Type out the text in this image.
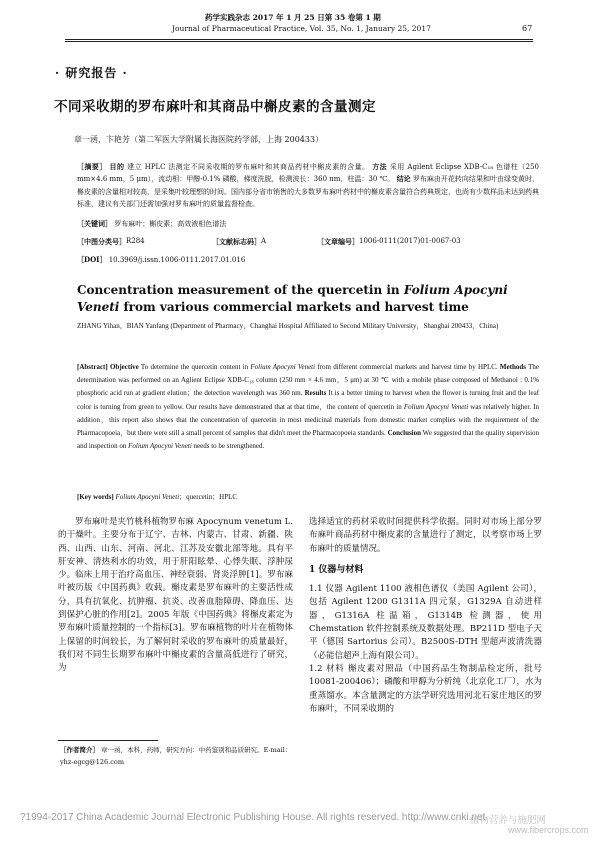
药学实践杂志 2017 年 1 月 25 日第 35 卷第 1 期
Journal of Pharmaceutical Practice, Vol. 35, No. 1, January 25, 2017	67
· 研究报告 ·
不同采收期的罗布麻叶和其商品中槲皮素的含量测定
章一函，卞艳芳（第二军医大学附属长海医院药学部，上海 200433）
［摘要］ 目的 建立 HPLC 法测定不同采收期的罗布麻叶和其商品药材中槲皮素的含量。 方法 采用 Agilent Eclipse XDB-C₁₈ 色谱柱（250 mm×4.6 mm，5 μm），流动相：甲醇-0.1% 磷酸，梯度洗脱，检测波长：360 nm，柱温：30 ℃。 结论 罗布麻由开花转向结果和叶由绿变黄时，槲皮素的含量相对较高，是采集叶较理想的时间。国内部分省市销售的大多数罗布麻叶药材中的槲皮素含量符合药典规定，也尚有少数样品未达到药典标准，建议有关部门还需加强对罗布麻叶的质量监督检查。
［关键词］ 罗布麻叶；槲皮素；高效液相色谱法
［中图分类号］ R284	［文献标志码］ A	［文章编号］ 1006-0111(2017)01-0067-03
［DOI］ 10.3969/j.issn.1006-0111.2017.01.016
Concentration measurement of the quercetin in Folium Apocyni Veneti from various commercial markets and harvest time
ZHANG Yihan，BIAN Yanfang (Department of Pharmacy，Changhai Hospital Affiliated to Second Military University，Shanghai 200433，China)
[Abstract] Objective To determine the quercetin content in Folium Apocyni Veneti from different commercial markets and harvest time by HPLC. Methods The determination was performed on an Aglient Eclipse XDB-C₁₈ column (250 mm × 4.6 mm，5 μm) at 30 ℃ with a mobile phase composed of Methanol : 0.1% phosphoric acid run at gradient elution；the detection wavelength was 360 nm. Results It is a better timing to harvest when the flower is turning fruit and the leaf color is turning from green to yellow. Our results have demonstrated that at that time，the content of quercetin in Folium Apocyni Veneti was relatively higher. In addition，this report also shows that the concentration of quercetin in most medicinal materials from domestic market complies with the requirement of the Pharmacopoeia，but there were still a small percent of samples that didn't meet the Pharmacopoeia standards. Conclusion We suggested that the quality supervision and inspection on Folium Apocyni Veneti needs to be strengthened.
[Key words] Folium Apocyni Veneti；quercetin；HPLC

罗布麻叶是夹竹桃科植物罗布麻 Apocynum venetum L. 的干燥叶。主要分布于辽宁、吉林、内蒙古、甘肃、新疆、陕西、山西、山东、河南、河北、江苏及安徽北部等地。具有平肝安神、清热利水的功效，用于肝阳眩晕、心悸失眠、浮肿尿少。临床上用于治疗高血压、神经衰弱、肾炎浮肿[1]。罗布麻叶被历版《中国药典》收载。槲皮素是罗布麻叶的主要活性成分，具有抗氧化、抗肿瘤、抗炎、改善血脂障碍、降血压、达到保护心脏的作用[2]。2005 年版《中国药典》将槲皮素定为罗布麻叶质量控制的一个指标[3]。罗布麻植物的叶片在植物体上保留的时间较长，为了解何时采收的罗布麻叶的质量最好，我们对不同生长期罗布麻叶中槲皮素的含量高低进行了研究，为

选择适宜的药材采收时间提供科学依据。同时对市场上部分罗布麻叶商品药材中槲皮素的含量进行了测定，以考察市场上罗布麻叶的质量情况。

1 仪器与材料

1.1 仪器 Agilent 1100 液相色谱仪（美国 Agilent 公司），包括 Agilent 1200 G1311A 四元泵，G1329A 自动进样器，G1316A 柱温箱，G1314B 检测器，使用 Chemstation 软件控制系统及数据处理。BP211D 型电子天平（德国 Sartorius 公司）。B2500S-DTH 型超声波清洗器（必能信超声上海有限公司）。

1.2 材料 槲皮素对照品（中国药品生物制品检定所，批号 10081-200406）；磷酸和甲醇为分析纯（北京化工厂），水为重蒸馏水。本含量测定的方法学研究选用河北石家庄地区的罗布麻叶，不同采收期的

［作者简介］ 章一函，本科，药师，研究方向：中药鉴别和品质研究。E-mail：yhz-egcg@126.com
?1994-2017 China Academic Journal Electronic Publishing House. All rights reserved. http://www.cnki.net
植物营养与施肥网
www.fibercrops.com
